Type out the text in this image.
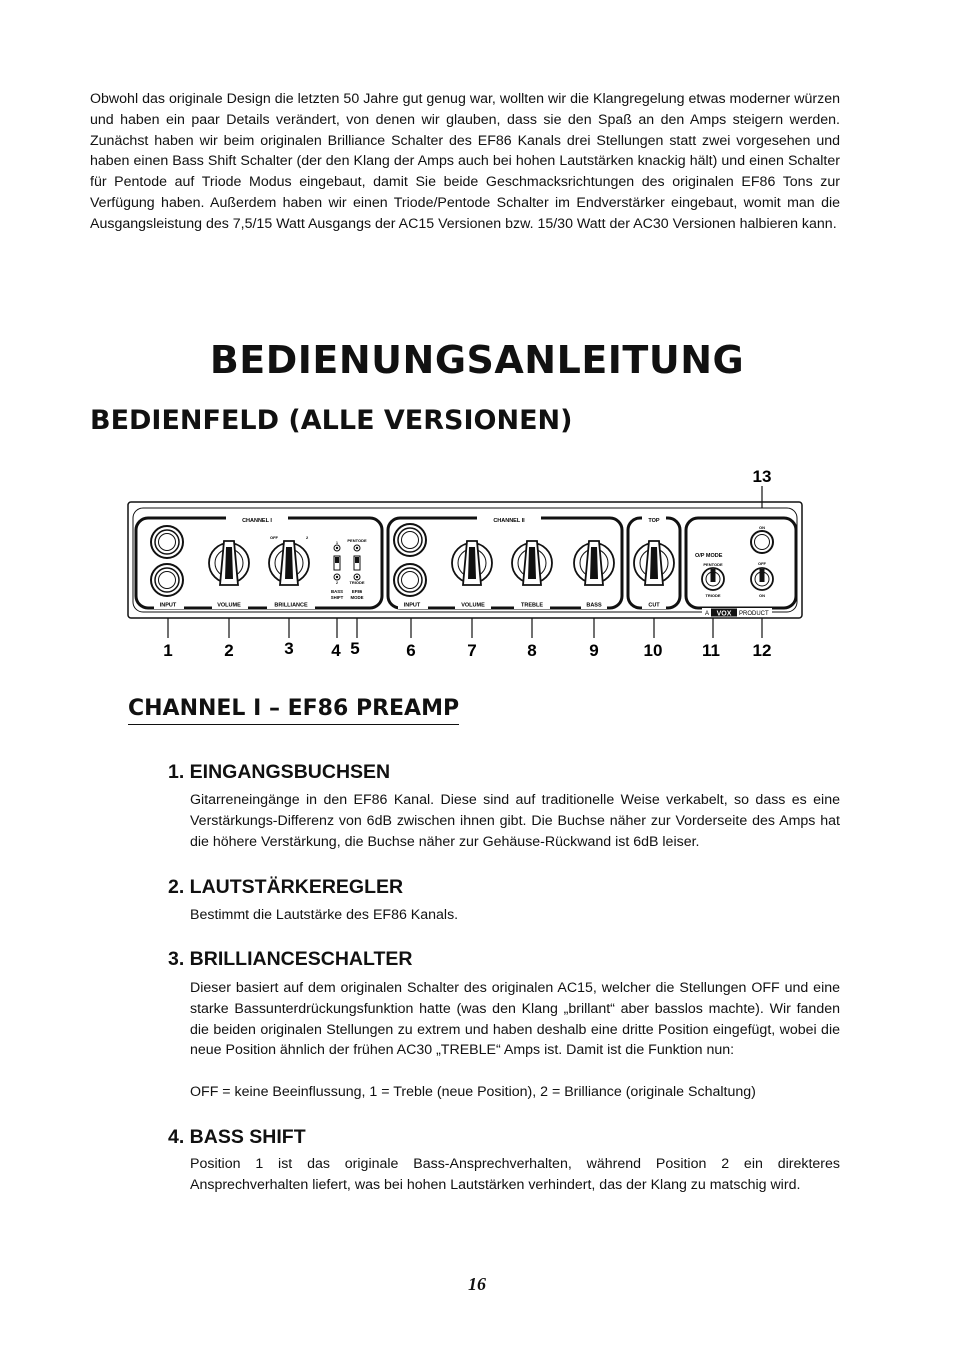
Obwohl das originale Design die letzten 50 Jahre gut genug war, wollten wir die Klangregelung etwas moderner würzen und haben ein paar Details verändert, von denen wir glauben, dass sie den Spaß an den Amps steigern werden. Zunächst haben wir beim originalen Brilliance Schalter des EF86 Kanals drei Stellungen statt zwei vorgesehen und haben einen Bass Shift Schalter (der den Klang der Amps auch bei hohen Lautstärken knackig hält) und einen Schalter für Pentode auf Triode Modus eingebaut, damit Sie beide Geschmacksrichtungen des originalen EF86 Tons zur Verfügung haben. Außerdem haben wir einen Triode/Pentode Schalter im Endverstärker eingebaut, womit man die Ausgangsleistung des 7,5/15 Watt Ausgangs der AC15 Versionen bzw. 15/30 Watt der AC30 Versionen halbieren kann.

BEDIENUNGSANLEITUNG
BEDIENFELD (ALLE VERSIONEN)
CHANNEL I
OFF	2
1
2
PENTODE
TRIODE
BASS
SHIFT
EF86
MODE
INPUT	VOLUME	BRILLIANCE
CHANNEL II
INPUT	VOLUME	TREBLE	BASS
TOP
CUT
O/P MODE
PENTODE
TRIODE
ON
OFF
ON
A VOX PRODUCT
1	2	3 4 5	6	7	8	9	10 11 12
13
CHANNEL I – EF86 PREAMP
1. EINGANGSBUCHSEN

Gitarreneingänge in den EF86 Kanal. Diese sind auf traditionelle Weise verkabelt, so dass es eine Verstärkungs-Differenz von 6dB zwischen ihnen gibt. Die Buchse näher zur Vorderseite des Amps hat die höhere Verstärkung, die Buchse näher zur Gehäuse-Rückwand ist 6dB leiser.

2. LAUTSTÄRKEREGLER

Bestimmt die Lautstärke des EF86 Kanals.

3. BRILLIANCESCHALTER

Dieser basiert auf dem originalen Schalter des originalen AC15, welcher die Stellungen OFF und eine starke Bassunterdrückungsfunktion hatte (was den Klang „brillant“ aber basslos machte). Wir fanden die beiden originalen Stellungen zu extrem und haben deshalb eine dritte Position eingefügt, wobei die neue Position ähnlich der frühen AC30 „TREBLE“ Amps ist. Damit ist die Funktion nun:

OFF = keine Beeinflussung, 1 = Treble (neue Position), 2 = Brilliance (originale Schaltung)

4. BASS SHIFT

Position 1 ist das originale Bass-Ansprechverhalten, während Position 2 ein direkteres Ansprechverhalten liefert, was bei hohen Lautstärken verhindert, das der Klang zu matschig wird.

16
